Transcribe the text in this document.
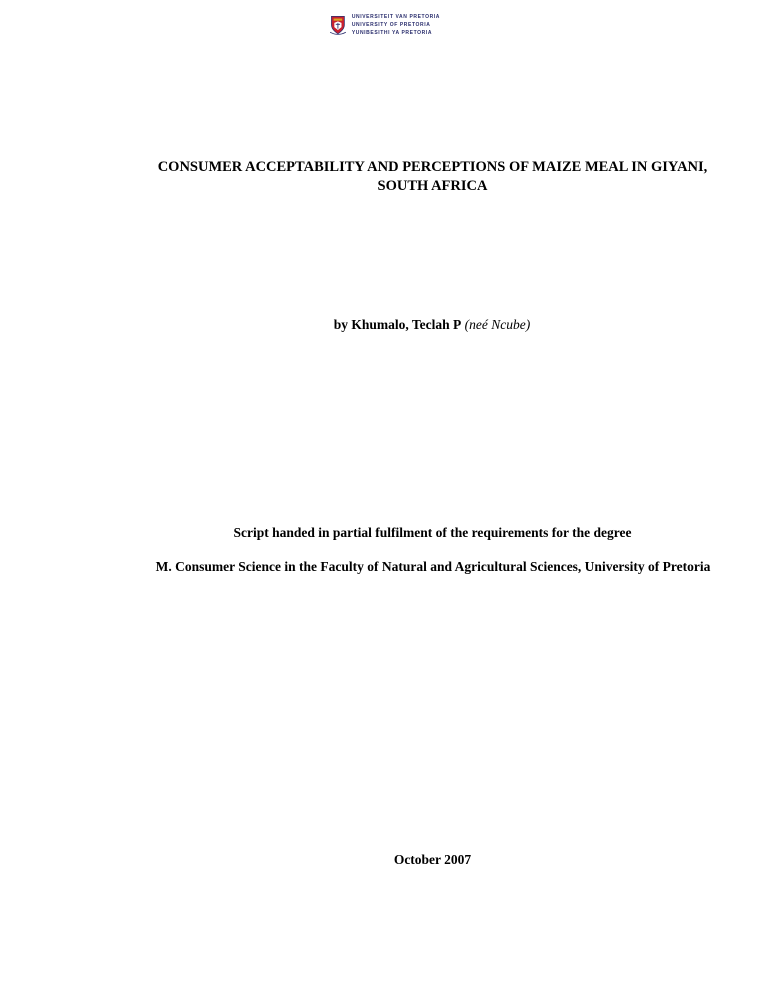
UNIVERSITEIT VAN PRETORIA
UNIVERSITY OF PRETORIA
YUNIBESITHI YA PRETORIA
CONSUMER ACCEPTABILITY AND PERCEPTIONS OF MAIZE MEAL IN GIYANI, SOUTH AFRICA
by Khumalo, Teclah P (neé Ncube)
Script handed in partial fulfilment of the requirements for the degree
M. Consumer Science in the Faculty of Natural and Agricultural Sciences, University of Pretoria
October 2007
